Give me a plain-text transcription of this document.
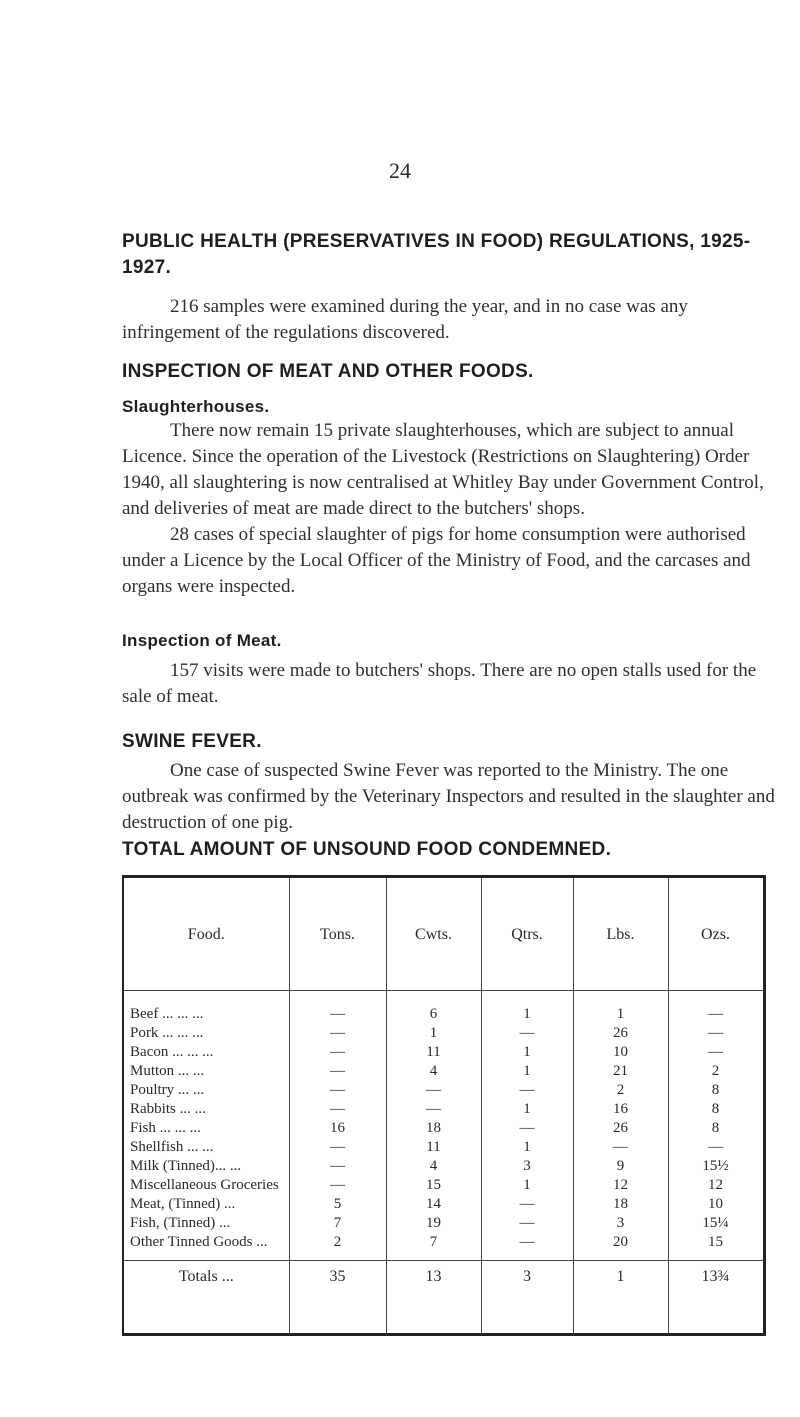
24
PUBLIC HEALTH (PRESERVATIVES IN FOOD) REGULATIONS, 1925-1927.

216 samples were examined during the year, and in no case was any infringement of the regulations discovered.

INSPECTION OF MEAT AND OTHER FOODS.
Slaughterhouses.

There now remain 15 private slaughterhouses, which are subject to annual Licence. Since the operation of the Livestock (Restrictions on Slaughtering) Order 1940, all slaughtering is now centralised at Whitley Bay under Government Control, and deliveries of meat are made direct to the butchers' shops.

28 cases of special slaughter of pigs for home consumption were authorised under a Licence by the Local Officer of the Ministry of Food, and the carcases and organs were inspected.

Inspection of Meat.

157 visits were made to butchers' shops. There are no open stalls used for the sale of meat.

SWINE FEVER.

One case of suspected Swine Fever was reported to the Ministry. The one outbreak was confirmed by the Veterinary Inspectors and resulted in the slaughter and destruction of one pig.

TOTAL AMOUNT OF UNSOUND FOOD CONDEMNED.
Food.	Tons.	Cwts.	Qtrs.	Lbs.	Ozs.
Beef ... ... ...	—	6	1	1	—
Pork ... ... ...	—	1	—	26	—
Bacon ... ... ...	—	11	1	10	—
Mutton ... ...	—	4	1	21	2
Poultry ... ...	—	—	—	2	8
Rabbits ... ...	—	—	1	16	8
Fish ... ... ...	16	18	—	26	8
Shellfish ... ...	—	11	1	—	—
Milk (Tinned)... ...	—	4	3	9	15½
Miscellaneous Groceries	—	15	1	12	12
Meat, (Tinned) ...	5	14	—	18	10
Fish, (Tinned) ...	7	19	—	3	15¼
Other Tinned Goods ...	2	7	—	20	15
Totals ...	35	13	3	1	13¾
